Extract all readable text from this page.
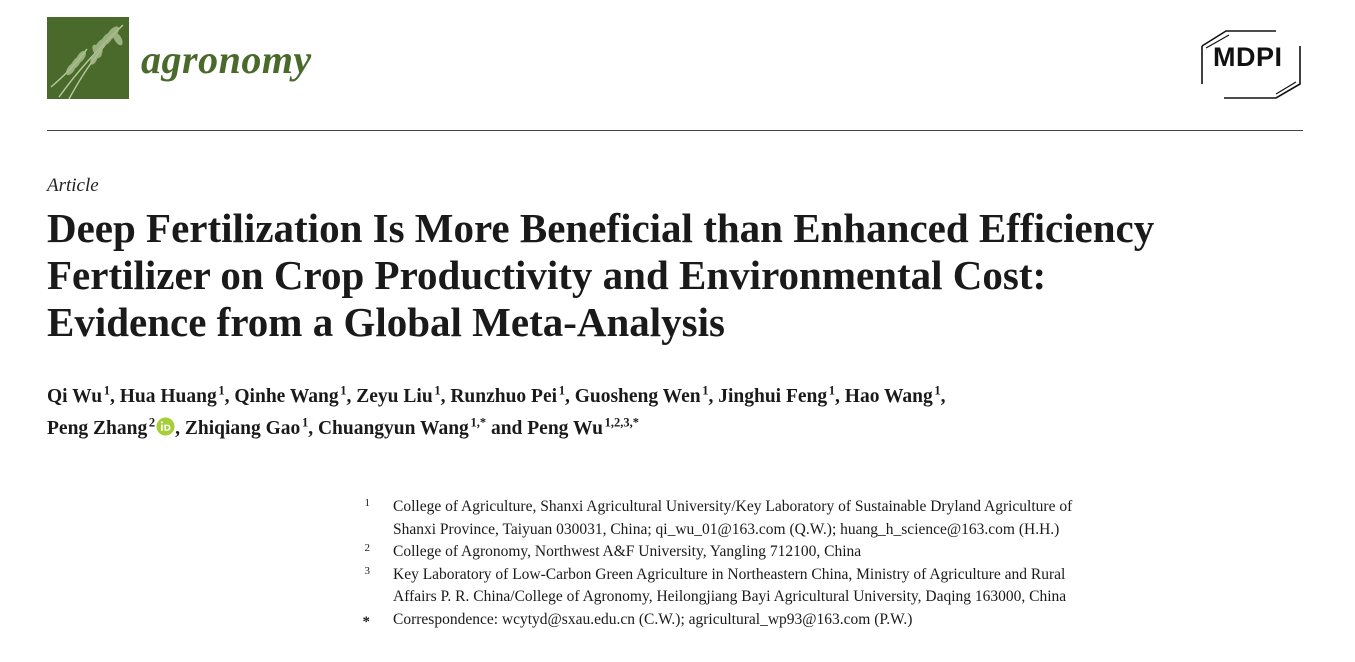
agronomy	MDPI
Article
Deep Fertilization Is More Beneficial than Enhanced Efficiency
Fertilizer on Crop Productivity and Environmental Cost:
Evidence from a Global Meta-Analysis
Qi Wu  $^1$, Hua Huang  $^1$, Qinhe Wang  $^1$, Zeyu Liu  $^1$, Runzhuo Pei  $^1$, Guosheng Wen  $^1$, Jinghui Feng  $^1$, Hao Wang  $^1$,
Peng Zhang  $^2$ , Zhiqiang Gao  $^1$, Chuangyun Wang  $^{1,*}$ and Peng Wu  $^{1,2,3,*}$
1 College of Agriculture, Shanxi Agricultural University/Key Laboratory of Sustainable Dryland Agriculture of
Shanxi Province, Taiyuan 030031, China; qi_wu_01@163.com (Q.W.); huang_h_science@163.com (H.H.)
2 College of Agronomy, Northwest A&F University, Yangling 712100, China
3 Key Laboratory of Low-Carbon Green Agriculture in Northeastern China, Ministry of Agriculture and Rural
Affairs P. R. China/College of Agronomy, Heilongjiang Bayi Agricultural University, Daqing 163000, China
* Correspondence: wcytyd@sxau.edu.cn (C.W.); agricultural_wp93@163.com (P.W.)
